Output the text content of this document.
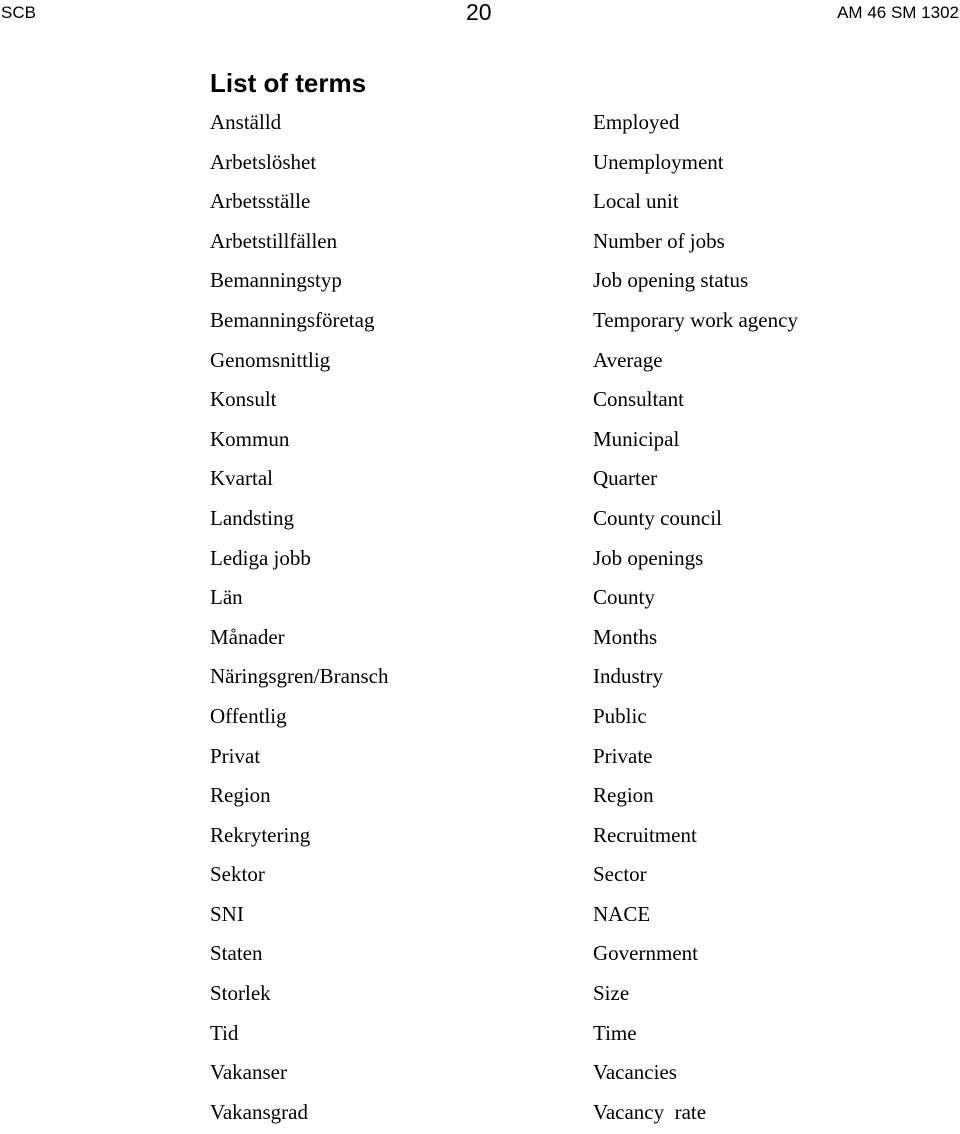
SCB	20	AM 46 SM 1302
List of terms
Anställd	Employed
Arbetslöshet	Unemployment
Arbetsställe	Local unit
Arbetstillfällen	Number of jobs
Bemanningstyp	Job opening status
Bemanningsföretag	Temporary work agency
Genomsnittlig	Average
Konsult	Consultant
Kommun	Municipal
Kvartal	Quarter
Landsting	County council
Lediga jobb	Job openings
Län	County
Månader	Months
Näringsgren/Bransch	Industry
Offentlig	Public
Privat	Private
Region	Region
Rekrytering	Recruitment
Sektor	Sector
SNI	NACE
Staten	Government
Storlek	Size
Tid	Time
Vakanser	Vacancies
Vakansgrad	Vacancy  rate
